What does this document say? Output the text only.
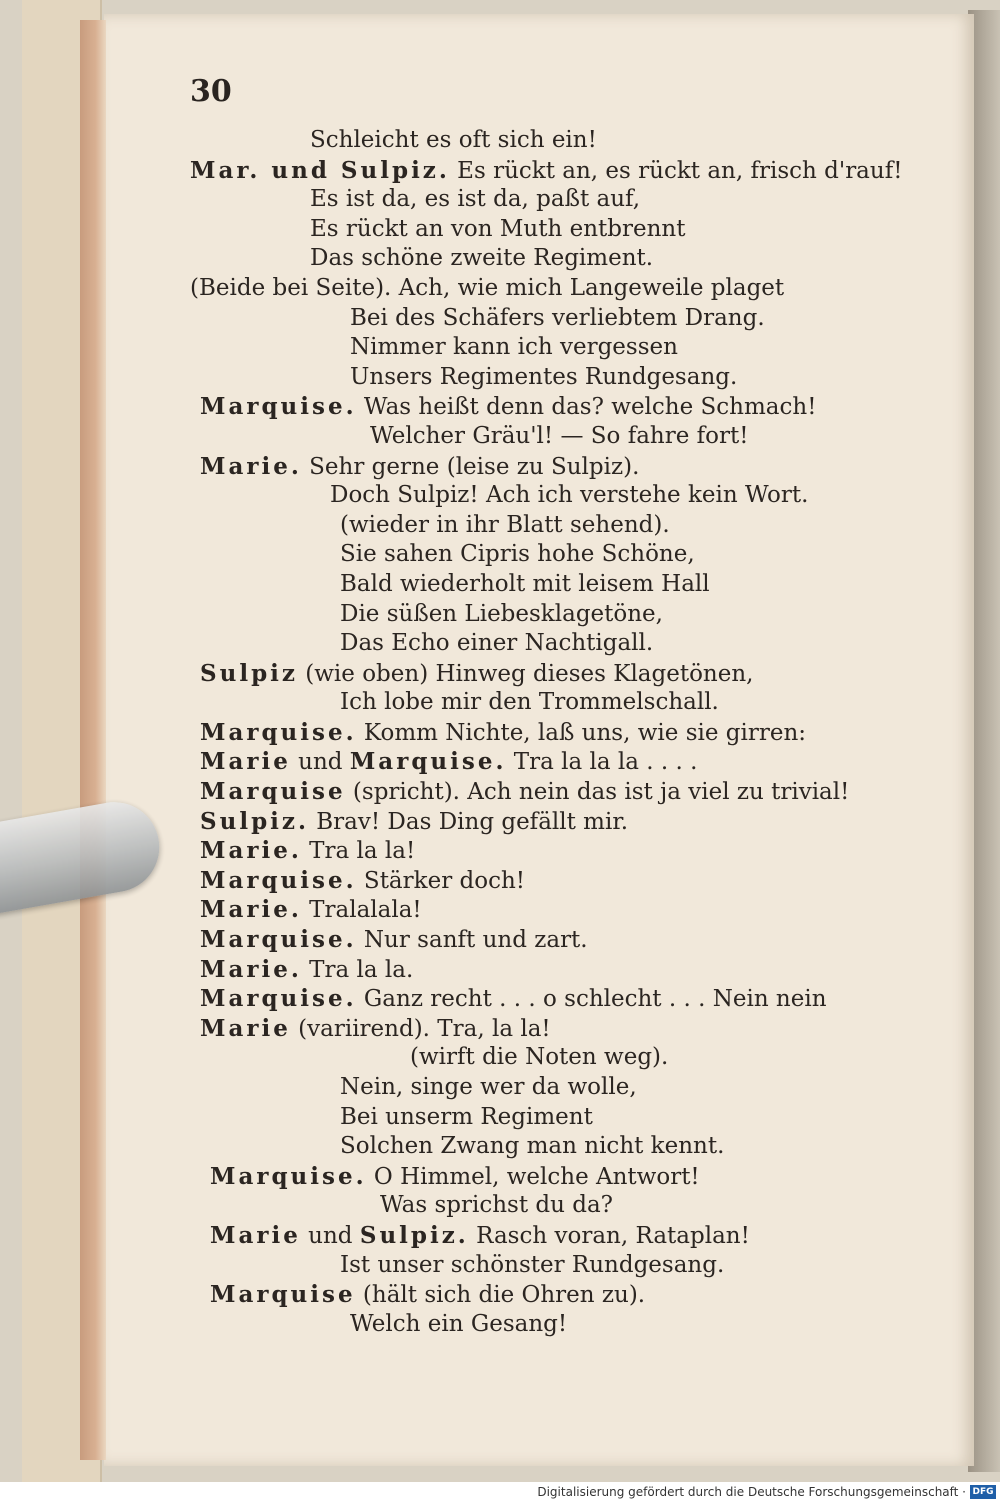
30
Schleicht es oft sich ein!
Mar. und Sulpiz. Es rückt an, es rückt an, frisch d'rauf!
Es ist da, es ist da, paßt auf,
Es rückt an von Muth entbrennt
Das schöne zweite Regiment.
(Beide bei Seite). Ach, wie mich Langeweile plaget
Bei des Schäfers verliebtem Drang.
Nimmer kann ich vergessen
Unsers Regimentes Rundgesang.
Marquise. Was heißt denn das? welche Schmach!
Welcher Gräu'l! — So fahre fort!
Marie. Sehr gerne (leise zu Sulpiz).
Doch Sulpiz! Ach ich verstehe kein Wort.
(wieder in ihr Blatt sehend).
Sie sahen Cipris hohe Schöne,
Bald wiederholt mit leisem Hall
Die süßen Liebesklagetöne,
Das Echo einer Nachtigall.
Sulpiz (wie oben) Hinweg dieses Klagetönen,
Ich lobe mir den Trommelschall.
Marquise. Komm Nichte, laß uns, wie sie girren:
Marie und Marquise. Tra la la la . . . .
Marquise (spricht). Ach nein das ist ja viel zu trivial!
Sulpiz. Brav! Das Ding gefällt mir.
Marie. Tra la la!
Marquise. Stärker doch!
Marie. Tralalala!
Marquise. Nur sanft und zart.
Marie. Tra la la.
Marquise. Ganz recht . . . o schlecht . . . Nein nein
Marie (variirend). Tra, la la!
(wirft die Noten weg).
Nein, singe wer da wolle,
Bei unserm Regiment
Solchen Zwang man nicht kennt.
Marquise. O Himmel, welche Antwort!
Was sprichst du da?
Marie und Sulpiz. Rasch voran, Rataplan!
Ist unser schönster Rundgesang.
Marquise (hält sich die Ohren zu).
Welch ein Gesang!
Digitalisierung gefördert durch die Deutsche Forschungsgemeinschaft · DFG
